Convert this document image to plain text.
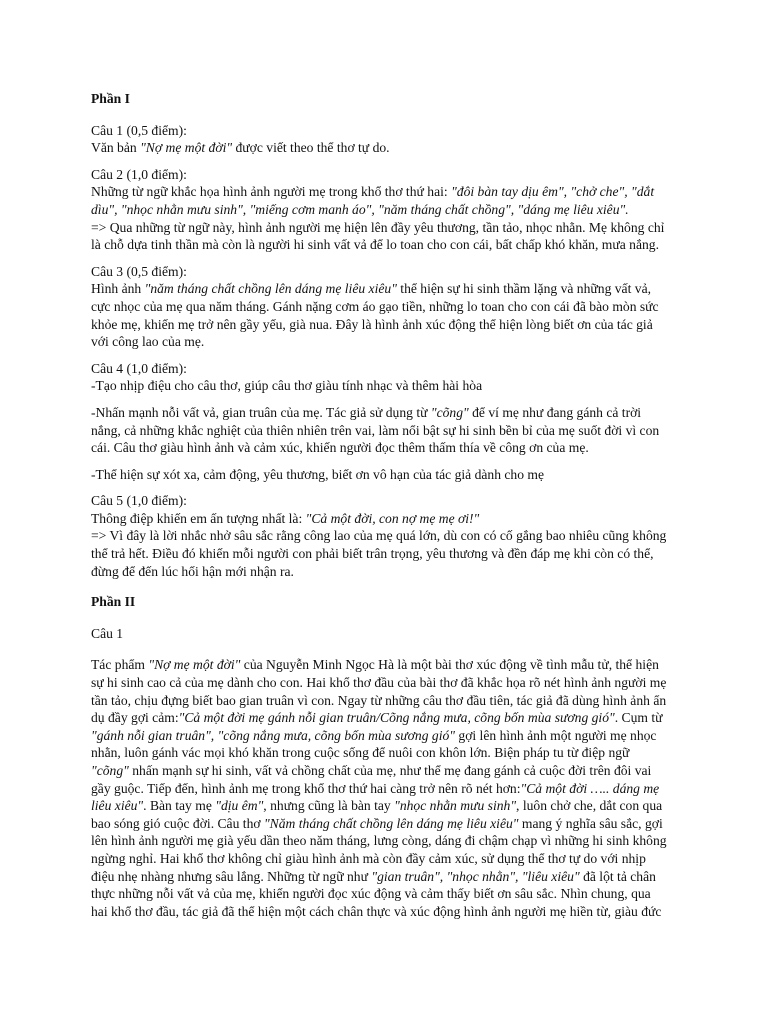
Phần I
Câu 1 (0,5 điểm):
Văn bản "Nợ mẹ một đời" được viết theo thể thơ tự do.
Câu 2 (1,0 điểm):
Những từ ngữ khắc họa hình ảnh người mẹ trong khổ thơ thứ hai: "đôi bàn tay dịu êm", "chở che", "dắt
dìu", "nhọc nhằn mưu sinh", "miếng cơm manh áo", "năm tháng chất chồng", "dáng mẹ liêu xiêu".
=> Qua những từ ngữ này, hình ảnh người mẹ hiện lên đầy yêu thương, tần tảo, nhọc nhằn. Mẹ không chỉ
là chỗ dựa tinh thần mà còn là người hi sinh vất vả để lo toan cho con cái, bất chấp khó khăn, mưa nắng.
Câu 3 (0,5 điểm):
Hình ảnh "năm tháng chất chồng lên dáng mẹ liêu xiêu" thể hiện sự hi sinh thầm lặng và những vất vả,
cực nhọc của mẹ qua năm tháng. Gánh nặng cơm áo gạo tiền, những lo toan cho con cái đã bào mòn sức
khỏe mẹ, khiến mẹ trở nên gầy yếu, già nua. Đây là hình ảnh xúc động thể hiện lòng biết ơn của tác giả
với công lao của mẹ.
Câu 4 (1,0 điểm):
-Tạo nhịp điệu cho câu thơ, giúp câu thơ giàu tính nhạc và thêm hài hòa
-Nhấn mạnh nỗi vất vả, gian truân của mẹ. Tác giả sử dụng từ "cõng" để ví mẹ như đang gánh cả trời
nắng, cả những khắc nghiệt của thiên nhiên trên vai, làm nổi bật sự hi sinh bền bỉ của mẹ suốt đời vì con
cái. Câu thơ giàu hình ảnh và cảm xúc, khiến người đọc thêm thấm thía về công ơn của mẹ.
-Thể hiện sự xót xa, cảm động, yêu thương, biết ơn vô hạn của tác giả dành cho mẹ
Câu 5 (1,0 điểm):
Thông điệp khiến em ấn tượng nhất là: "Cả một đời, con nợ mẹ mẹ ơi!"
=> Vì đây là lời nhắc nhở sâu sắc rằng công lao của mẹ quá lớn, dù con có cố gắng bao nhiêu cũng không
thể trả hết. Điều đó khiến mỗi người con phải biết trân trọng, yêu thương và đền đáp mẹ khi còn có thể,
đừng để đến lúc hối hận mới nhận ra.
Phần II
Câu 1
Tác phẩm "Nợ mẹ một đời" của Nguyễn Minh Ngọc Hà là một bài thơ xúc động về tình mẫu tử, thể hiện
sự hi sinh cao cả của mẹ dành cho con. Hai khổ thơ đầu của bài thơ đã khắc họa rõ nét hình ảnh người mẹ
tần tảo, chịu đựng biết bao gian truân vì con. Ngay từ những câu thơ đầu tiên, tác giả đã dùng hình ảnh ẩn
dụ đầy gợi cảm:"Cả một đời mẹ gánh nỗi gian truân/Cõng nắng mưa, cõng bốn mùa sương gió". Cụm từ
"gánh nỗi gian truân", "cõng nắng mưa, cõng bốn mùa sương gió" gợi lên hình ảnh một người mẹ nhọc
nhằn, luôn gánh vác mọi khó khăn trong cuộc sống để nuôi con khôn lớn. Biện pháp tu từ điệp ngữ
"cõng" nhấn mạnh sự hi sinh, vất vả chồng chất của mẹ, như thể mẹ đang gánh cả cuộc đời trên đôi vai
gầy guộc. Tiếp đến, hình ảnh mẹ trong khổ thơ thứ hai càng trở nên rõ nét hơn:"Cả một đời ….. dáng mẹ
liêu xiêu". Bàn tay mẹ "dịu êm", nhưng cũng là bàn tay "nhọc nhằn mưu sinh", luôn chở che, dắt con qua
bao sóng gió cuộc đời. Câu thơ "Năm tháng chất chồng lên dáng mẹ liêu xiêu" mang ý nghĩa sâu sắc, gợi
lên hình ảnh người mẹ già yếu dần theo năm tháng, lưng còng, dáng đi chậm chạp vì những hi sinh không
ngừng nghỉ. Hai khổ thơ không chỉ giàu hình ảnh mà còn đầy cảm xúc, sử dụng thể thơ tự do với nhịp
điệu nhẹ nhàng nhưng sâu lắng. Những từ ngữ như "gian truân", "nhọc nhằn", "liêu xiêu" đã lột tả chân
thực những nỗi vất vả của mẹ, khiến người đọc xúc động và cảm thấy biết ơn sâu sắc. Nhìn chung, qua
hai khổ thơ đầu, tác giả đã thể hiện một cách chân thực và xúc động hình ảnh người mẹ hiền từ, giàu đức
